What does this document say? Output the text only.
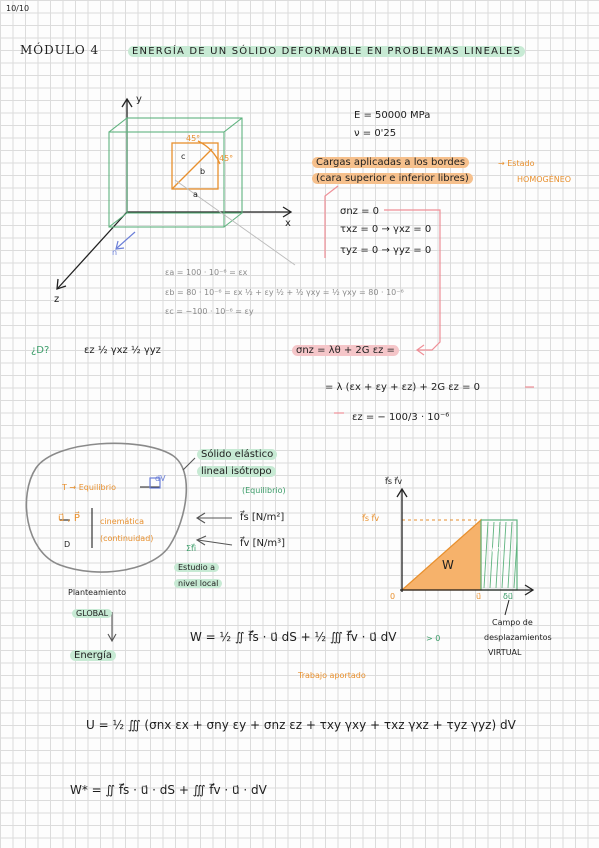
10/10
MÓDULO 4	ENERGÍA DE UN SÓLIDO DEFORMABLE EN PROBLEMAS LINEALES
y
x
z
n
45°
45°
a
b
c
E = 50000 MPa
ν = 0'25
Cargas aplicadas a los bordes
(cara superior e inferior libres)
→ Estado
HOMOGÉNEO
σnz = 0
τxz = 0 → γxz = 0
τyz = 0 → γyz = 0
εa = 100 · 10⁻⁶ = εx
εb = 80 · 10⁻⁶ = εx ½ + εy ½ + ½ γxy = ½ γxy = 80 · 10⁻⁶
εc = −100 · 10⁻⁶ = εy
¿D?	εz ½ γxz ½ γyz	σnz = λθ + 2G εz =
= λ (εx + εy + εz) + 2G εz = 0
εz = − 100/3 · 10⁻⁶
Sólido elástico
lineal isótropo
(Equilibrio)
T → Equilibrio
dV
u⃗ , P⃗
D
cinemática
(continuidad)
f⃗s [N/m²]
f⃗v [N/m³]
Σf⃗i
Estudio a
nivel local
Planteamiento
GLOBAL
Energía
f⃗s f⃗v
f⃗s f⃗v
0	u⃗	δu⃗
W
W*
Campo de
desplazamientos
VIRTUAL
W = ½ ∬ f⃗s · u⃗ dS + ½ ∭ f⃗v · u⃗ dV	> 0
Trabajo aportado
U = ½ ∭ (σnx εx + σny εy + σnz εz + τxy γxy + τxz γxz + τyz γyz) dV
W* = ∬ f⃗s · u⃗ · dS + ∭ f⃗v · u⃗ · dV
